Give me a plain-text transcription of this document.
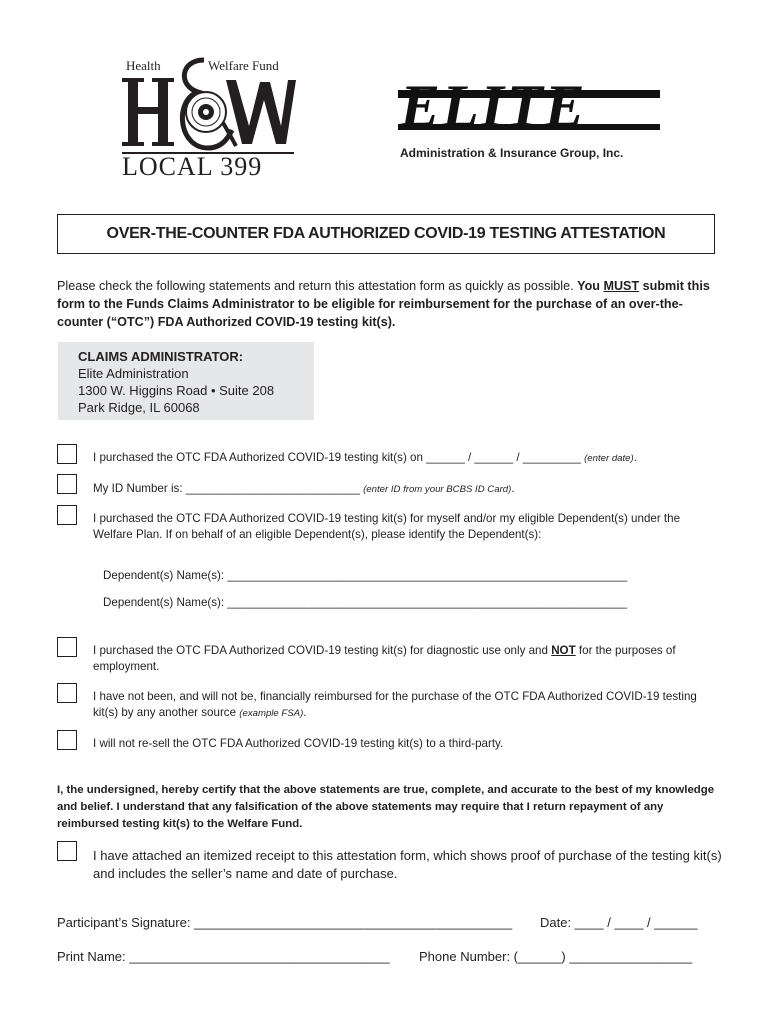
Health	Welfare Fund
LOCAL 399
ELITE
Administration & Insurance Group, Inc.
OVER-THE-COUNTER FDA AUTHORIZED COVID-19 TESTING ATTESTATION
Please check the following statements and return this attestation form as quickly as possible. You MUST submit this form to the Funds Claims Administrator to be eligible for reimbursement for the purchase of an over-the-counter (“OTC”) FDA Authorized COVID-19 testing kit(s).
CLAIMS ADMINISTRATOR:
Elite Administration
1300 W. Higgins Road • Suite 208
Park Ridge, IL 60068
I purchased the OTC FDA Authorized COVID-19 testing kit(s) on ______ / ______ / _________ (enter date).
My ID Number is: ___________________________ (enter ID from your BCBS ID Card).
I purchased the OTC FDA Authorized COVID-19 testing kit(s) for myself and/or my eligible Dependent(s) under the Welfare Plan. If on behalf of an eligible Dependent(s), please identify the Dependent(s):
Dependent(s) Name(s): ______________________________________________________________
Dependent(s) Name(s): ______________________________________________________________
I purchased the OTC FDA Authorized COVID-19 testing kit(s) for diagnostic use only and NOT for the purposes of employment.
I have not been, and will not be, financially reimbursed for the purchase of the OTC FDA Authorized COVID-19 testing kit(s) by any another source (example FSA).
I will not re-sell the OTC FDA Authorized COVID-19 testing kit(s) to a third-party.
I, the undersigned, hereby certify that the above statements are true, complete, and accurate to the best of my knowledge and belief. I understand that any falsification of the above statements may require that I return repayment of any reimbursed testing kit(s) to the Welfare Fund.
I have attached an itemized receipt to this attestation form, which shows proof of purchase of the testing kit(s) and includes the seller’s name and date of purchase.
Participant’s Signature: ____________________________________________ Date: ____ / ____ / ______
Print Name: ____________________________________ Phone Number: (______) _________________
